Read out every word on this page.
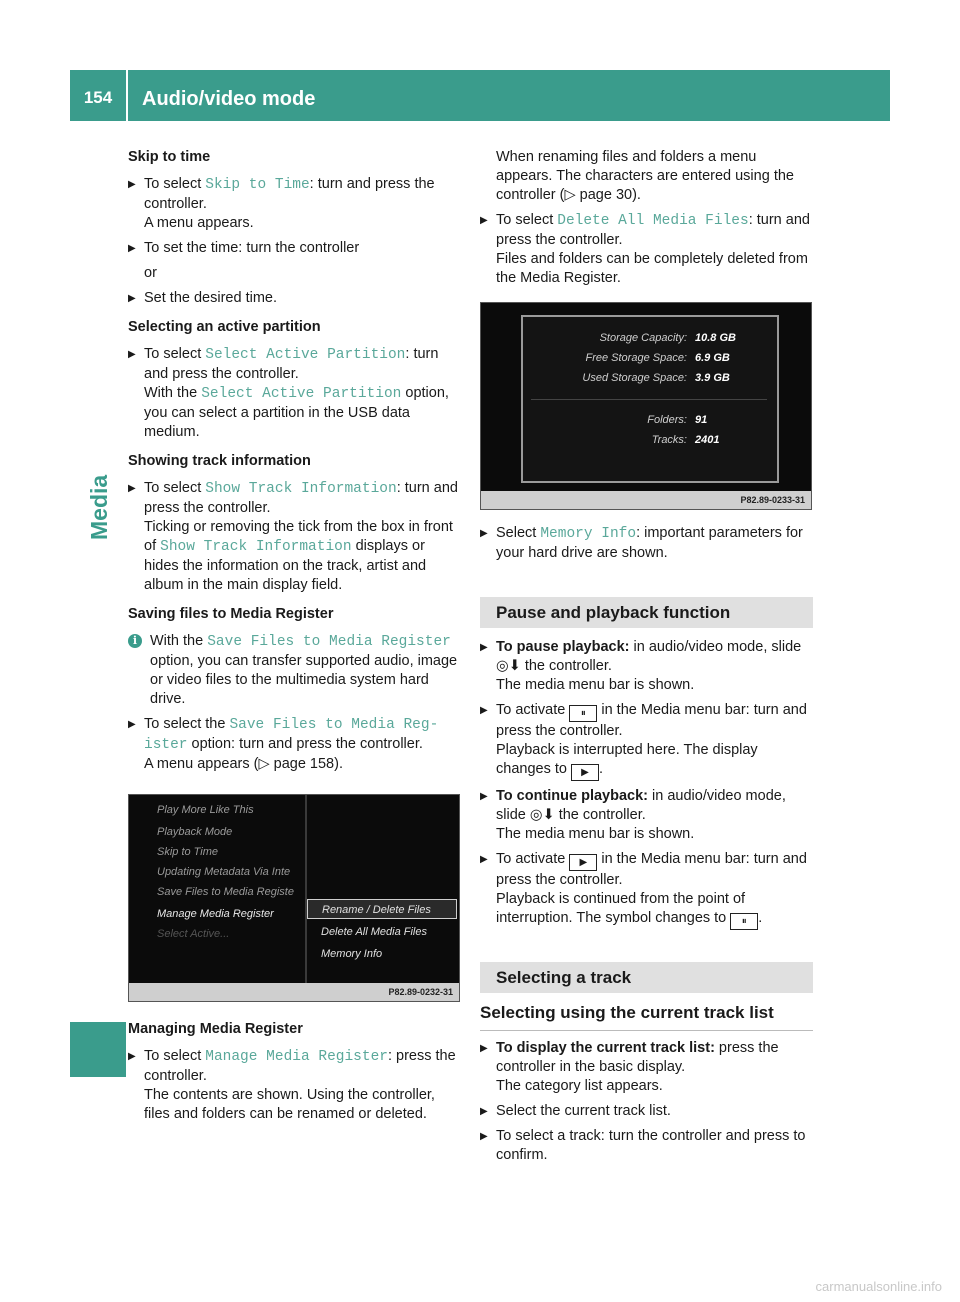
154	Audio/video mode
Media
Skip to time
▶ To select Skip to Time: turn and press the controller.
A menu appears.
▶ To set the time: turn the controller
or
▶ Set the desired time.
Selecting an active partition
▶ To select Select Active Partition: turn and press the controller.
With the Select Active Partition option, you can select a partition in the USB data medium.
Showing track information
▶ To select Show Track Information: turn and press the controller.
Ticking or removing the tick from the box in front of Show Track Information displays or hides the information on the track, artist and album in the main display field.
Saving files to Media Register
i With the Save Files to Media Register option, you can transfer supported audio, image or video files to the multimedia system hard drive.
▶ To select the Save Files to Media Reg‐ ister option: turn and press the controller.
A menu appears (▷ page 158).
Play More Like This
Playback Mode
Skip to Time
Updating Metadata Via Inte
Save Files to Media Registe
Manage Media Register
Select Active...
Rename / Delete Files
Delete All Media Files
Memory Info
P82.89-0232-31
Managing Media Register
▶ To select Manage Media Register: press the controller.
The contents are shown. Using the controller, files and folders can be renamed or deleted.
When renaming files and folders a menu appears. The characters are entered using the controller (▷ page 30).
▶ To select Delete All Media Files: turn and press the controller.
Files and folders can be completely deleted from the Media Register.
Storage Capacity: 10.8 GB
Free Storage Space: 6.9 GB
Used Storage Space: 3.9 GB
Folders: 91
Tracks: 2401
P82.89-0233-31
▶ Select Memory Info: important parameters for your hard drive are shown.
Pause and playback function
▶ To pause playback: in audio/video mode, slide ◎⬇ the controller.
The media menu bar is shown.
▶ To activate ⏸ in the Media menu bar: turn and press the controller.
Playback is interrupted here. The display changes to ▶ .
▶ To continue playback: in audio/video mode, slide ◎⬇ the controller.
The media menu bar is shown.
▶ To activate ▶ in the Media menu bar: turn and press the controller.
Playback is continued from the point of interruption. The symbol changes to ⏸ .
Selecting a track
Selecting using the current track list
▶ To display the current track list: press the controller in the basic display.
The category list appears.
▶ Select the current track list.
▶ To select a track: turn the controller and press to confirm.
carmanualsonline.info
